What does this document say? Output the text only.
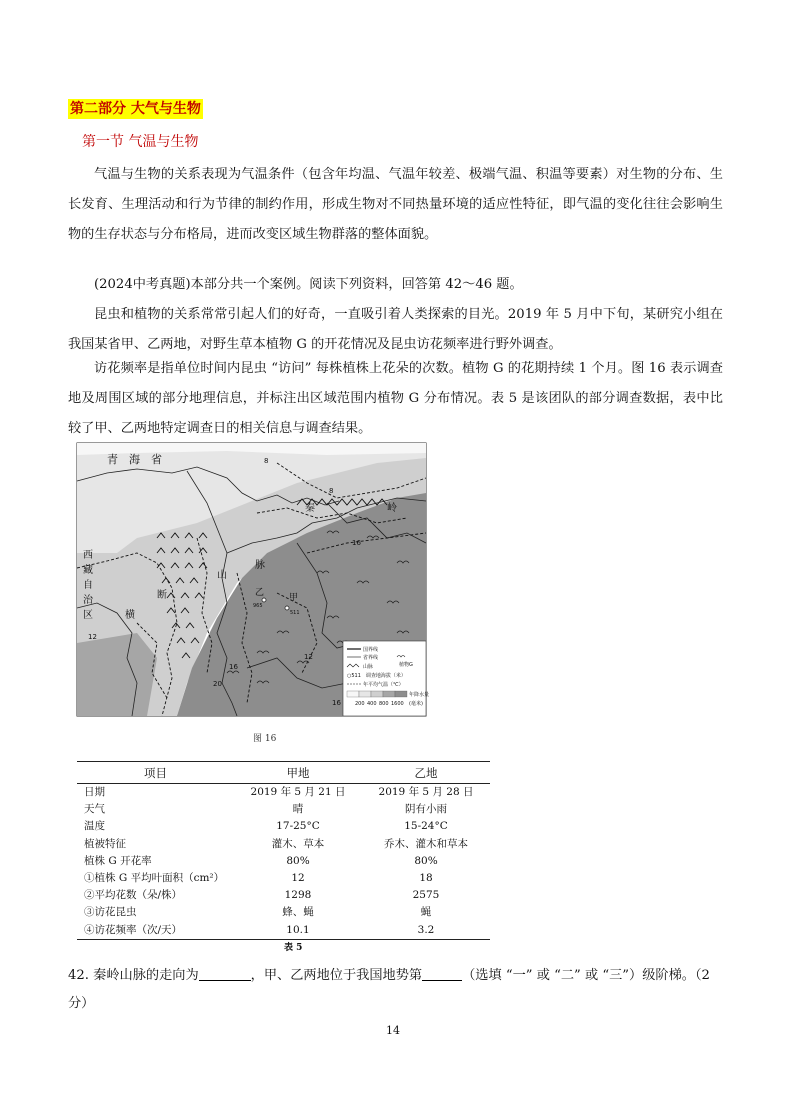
第二部分 大气与生物
第一节 气温与生物
气温与生物的关系表现为气温条件（包含年均温、气温年较差、极端气温、积温等要素）对生物的分布、生长发育、生理活动和行为节律的制约作用，形成生物对不同热量环境的适应性特征，即气温的变化往往会影响生物的生存状态与分布格局，进而改变区域生物群落的整体面貌。
(2024中考真题)本部分共一个案例。阅读下列资料，回答第 42～46 题。
昆虫和植物的关系常常引起人们的好奇，一直吸引着人类探索的目光。2019 年 5 月中下旬，某研究小组在我国某省甲、乙两地，对野生草本植物 G 的开花情况及昆虫访花频率进行野外调查。
访花频率是指单位时间内昆虫 “访问” 每株植株上花朵的次数。植物 G 的花期持续 1 个月。图 16 表示调查地及周围区域的部分地理信息，并标注出区域范围内植物 G 分布情况。表 5 是该团队的部分调查数据，表中比较了甲、乙两地特定调查日的相关信息与调查结果。
青　海　省
西
藏
自
治
区
秦	岭
山
脉
断
横
乙	甲
965
511
8
8
12
16
12
16
16
20
国界线
省界线
山脉	植物G
○511　调查地海拔（米）
年平均气温（℃）
年降水量
200 400 800 1600 (毫米)
图 16
项目	甲地	乙地
日期	2019 年 5 月 21 日	2019 年 5 月 28 日
天气	晴	阴有小雨
温度	17-25°C	15-24°C
植被特征	灌木、草本	乔木、灌木和草本
植株 G 开花率	80%	80%
①植株 G 平均叶面积（cm²）	12	18
②平均花数（朵/株）	1298	2575
③访花昆虫	蜂、蝇	蝇
④访花频率（次/天）	10.1	3.2
表 5
42. 秦岭山脉的走向为	，甲、乙两地位于我国地势第	（选填 “一” 或 “二” 或 “三”）级阶梯。（2 分）
14
